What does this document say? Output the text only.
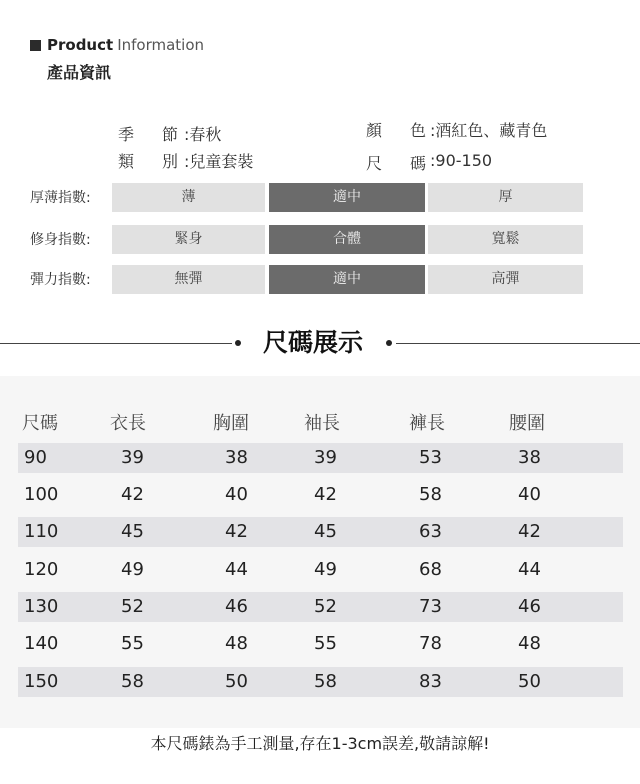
Product Information
產品資訊
季 節 :春秋
類 別 :兒童套裝
顏 色 :酒紅色、藏青色
尺 碼 :90-150
厚薄指數:	薄	適中	厚
修身指數:	緊身	合體	寬鬆
彈力指數:	無彈	適中	高彈
尺碼展示
尺碼	衣長	胸圍	袖長	褲長	腰圍
90	39	38	39	53	38
100	42	40	42	58	40
110	45	42	45	63	42
120	49	44	49	68	44
130	52	46	52	73	46
140	55	48	55	78	48
150	58	50	58	83	50
本尺碼錶為手工測量,存在1-3cm誤差,敬請諒解!
